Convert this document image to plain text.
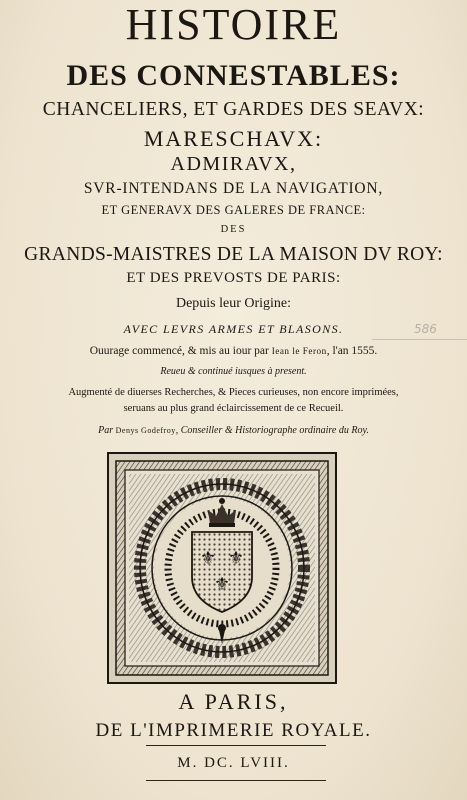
HISTOIRE
DES CONNESTABLES:
CHANCELIERS, ET GARDES DES SEAVX:
MARESCHAVX:
ADMIRAVX,
SVR-INTENDANS DE LA NAVIGATION,
ET GENERAVX DES GALERES DE FRANCE:
DES
GRANDS-MAISTRES DE LA MAISON DV ROY:
ET DES PREVOSTS DE PARIS:
Depuis leur Origine:
AVEC LEVRS ARMES ET BLASONS.	586
Ouurage commencé, & mis au iour par Iean le Feron, l'an 1555.
Reueu & continué iusques à present.
Augmenté de diuerses Recherches, & Pieces curieuses, non encore imprimées,
seruans au plus grand éclaircissement de ce Recueil.
Par Denys Godefroy, Conseiller & Historiographe ordinaire du Roy.
⚜ ⚜
⚜
A PARIS,
DE L'IMPRIMERIE ROYALE.
M. DC. LVIII.
